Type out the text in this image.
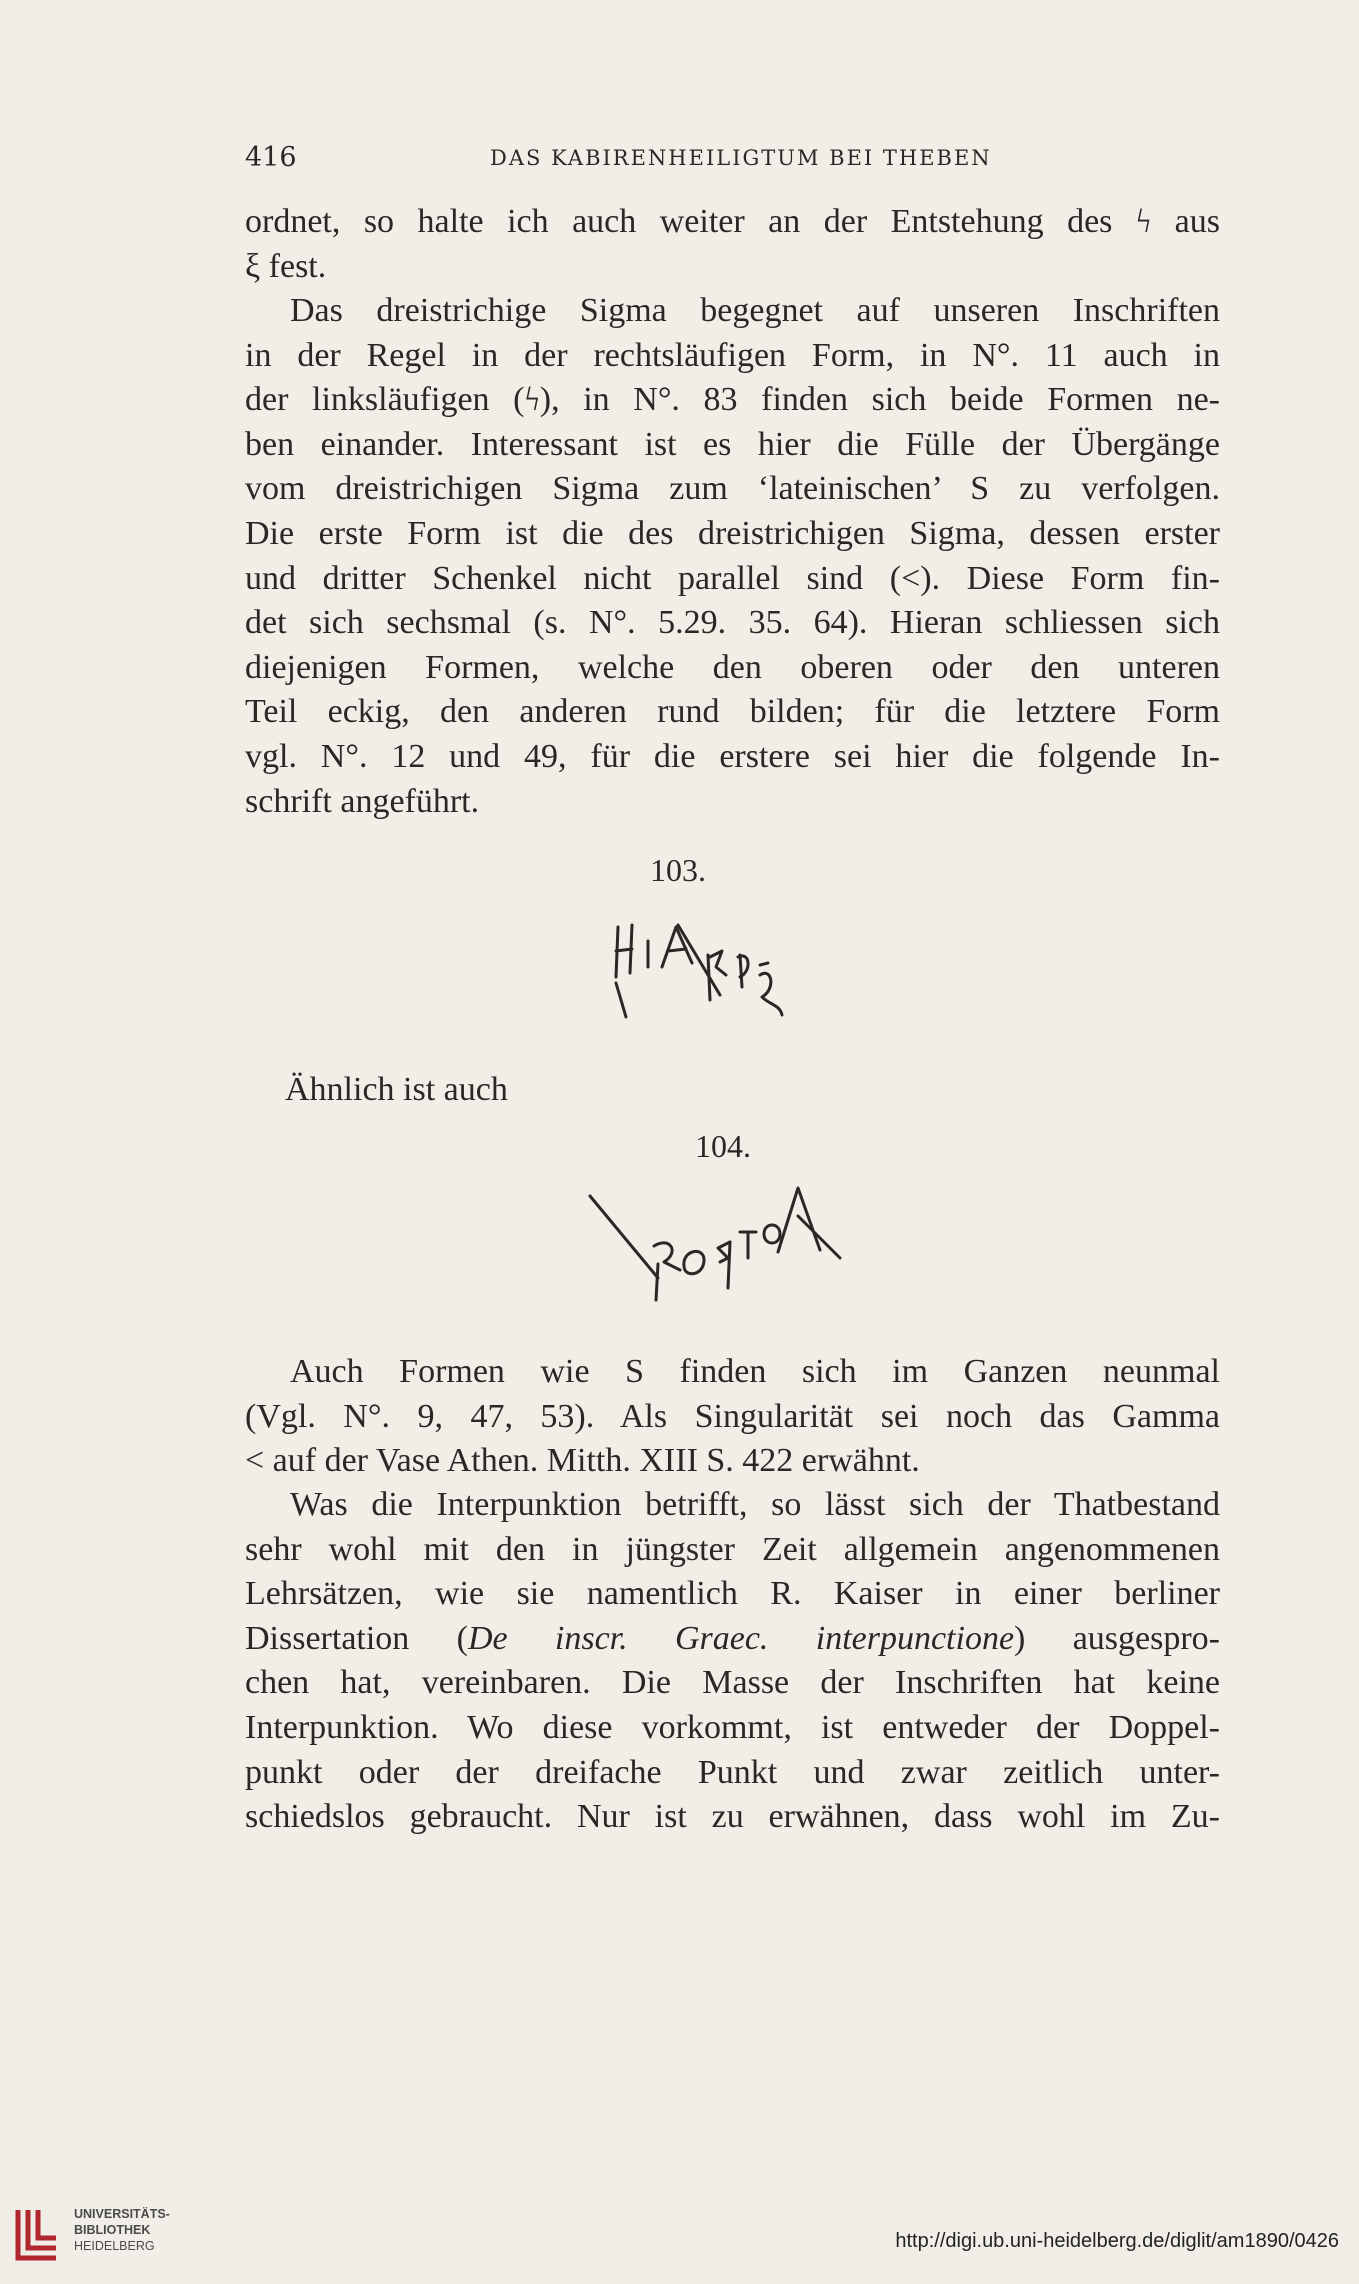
416	DAS KABIRENHEILIGTUM BEI THEBEN
ordnet, so halte ich auch weiter an der Entstehung des ϟ aus
ξ fest.
Das dreistrichige Sigma begegnet auf unseren Inschriften
in der Regel in der rechtsläufigen Form, in N°. 11 auch in
der linksläufigen (ϟ), in N°. 83 finden sich beide Formen ne-
ben einander. Interessant ist es hier die Fülle der Übergänge
vom dreistrichigen Sigma zum ‘lateinischen’ S zu verfolgen.
Die erste Form ist die des dreistrichigen Sigma, dessen erster
und dritter Schenkel nicht parallel sind (<). Diese Form fin-
det sich sechsmal (s. N°. 5.29. 35. 64). Hieran schliessen sich
diejenigen Formen, welche den oberen oder den unteren
Teil eckig, den anderen rund bilden; für die letztere Form
vgl. N°. 12 und 49, für die erstere sei hier die folgende In-
schrift angeführt.
103.
Ähnlich ist auch
104.
Auch Formen wie S finden sich im Ganzen neunmal
(Vgl. N°. 9, 47, 53). Als Singularität sei noch das Gamma
< auf der Vase Athen. Mitth. XIII S. 422 erwähnt.
Was die Interpunktion betrifft, so lässt sich der Thatbestand
sehr wohl mit den in jüngster Zeit allgemein angenommenen
Lehrsätzen, wie sie namentlich R. Kaiser in einer berliner
Dissertation (De inscr. Graec. interpunctione) ausgespro-
chen hat, vereinbaren. Die Masse der Inschriften hat keine
Interpunktion. Wo diese vorkommt, ist entweder der Doppel-
punkt oder der dreifache Punkt und zwar zeitlich unter-
schiedslos gebraucht. Nur ist zu erwähnen, dass wohl im Zu-
UNIVERSITÄTS-
BIBLIOTHEK
HEIDELBERG	http://digi.ub.uni-heidelberg.de/diglit/am1890/0426
